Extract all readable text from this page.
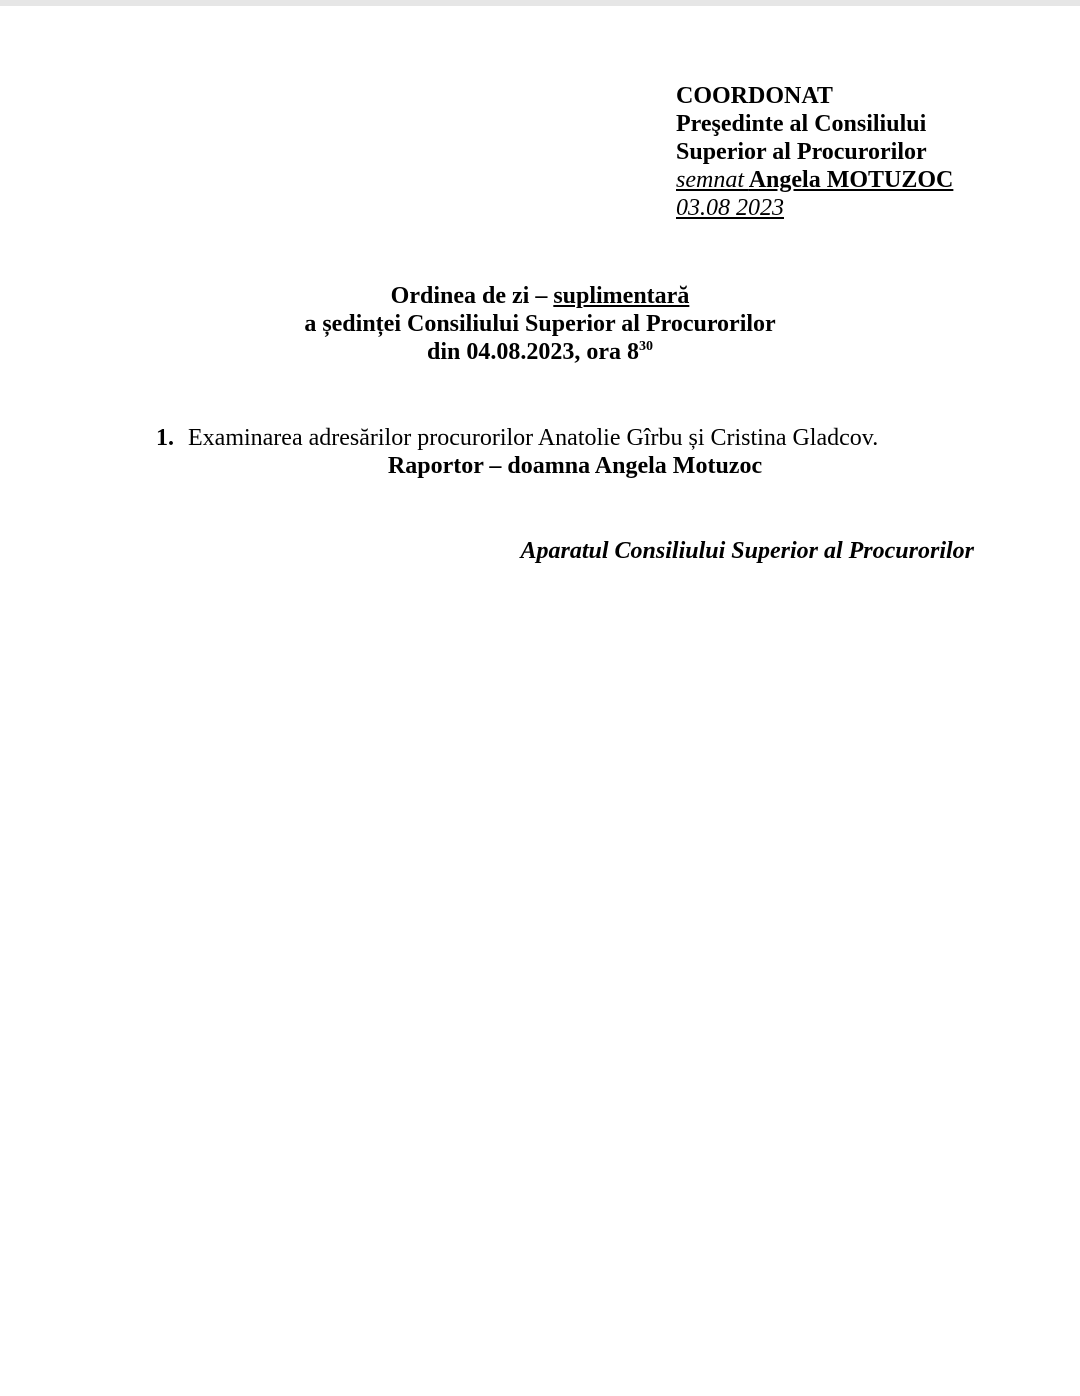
COORDONAT
Preşedinte al Consiliului
Superior al Procurorilor
semnat Angela MOTUZOC
03.08 2023
Ordinea de zi – suplimentară
a ședinței Consiliului Superior al Procurorilor
din 04.08.2023, ora $8^{30}$
1. Examinarea adresărilor procurorilor Anatolie Gîrbu și Cristina Gladcov.
Raportor – doamna Angela Motuzoc
Aparatul Consiliului Superior al Procurorilor
